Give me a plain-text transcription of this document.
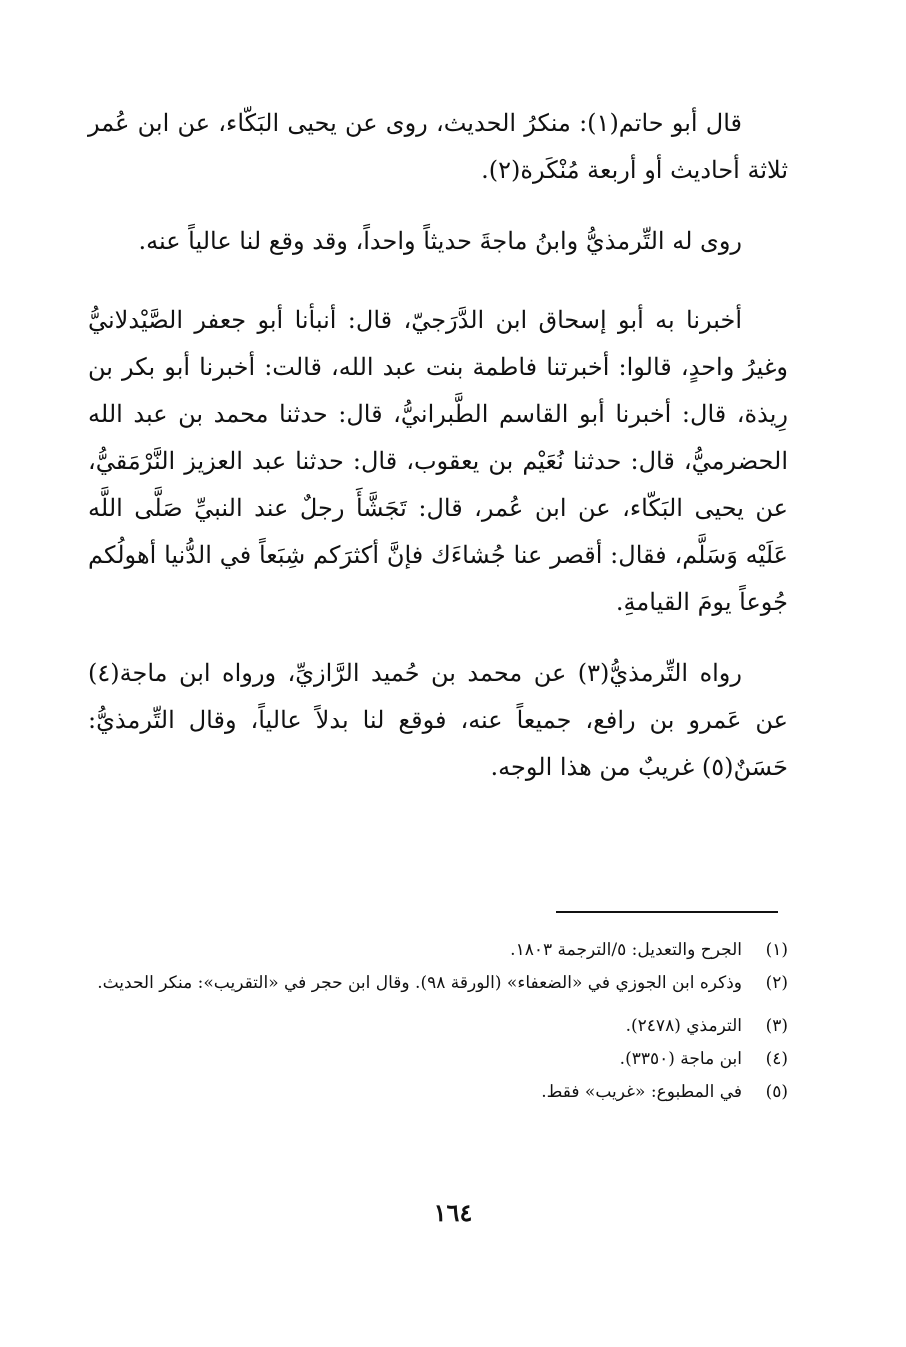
قال أبو حاتم(١): منكرُ الحديث، روى عن يحيى البَكّاء، عن ابن عُمر ثلاثة أحاديث أو أربعة مُنْكَرة(٢).

روى له التِّرمذيُّ وابنُ ماجةَ حديثاً واحداً، وقد وقع لنا عالياً عنه.

أخبرنا به أبو إسحاق ابن الدَّرَجيّ، قال: أنبأنا أبو جعفر الصَّيْدلانيُّ وغيرُ واحدٍ، قالوا: أخبرتنا فاطمة بنت عبد الله، قالت: أخبرنا أبو بكر بن رِيذة، قال: أخبرنا أبو القاسم الطَّبرانيُّ، قال: حدثنا محمد بن عبد الله الحضرميُّ، قال: حدثنا نُعَيْم بن يعقوب، قال: حدثنا عبد العزيز النَّرْمَقيُّ، عن يحيى البَكّاء، عن ابن عُمر، قال: تَجَشَّأَ رجلٌ عند النبيِّ صَلَّى اللَّه عَلَيْه وَسَلَّم، فقال: أقصر عنا جُشاءَك فإنَّ أكثرَكم شِبَعاً في الدُّنيا أهولُكم جُوعاً يومَ القيامةِ.

رواه التِّرمذيُّ(٣) عن محمد بن حُميد الرَّازيِّ، ورواه ابن ماجة(٤) عن عَمرو بن رافع، جميعاً عنه، فوقع لنا بدلاً عالياً، وقال التِّرمذيُّ: حَسَنٌ(٥) غريبٌ من هذا الوجه.

(١)
الجرح والتعديل: ٥/الترجمة ١٨٠٣.
(٢)
وذكره ابن الجوزي في «الضعفاء» (الورقة ٩٨). وقال ابن حجر في «التقريب»: منكر الحديث.
(٣)
الترمذي (٢٤٧٨).
(٤)
ابن ماجة (٣٣٥٠).
(٥)
في المطبوع: «غريب» فقط.
١٦٤
